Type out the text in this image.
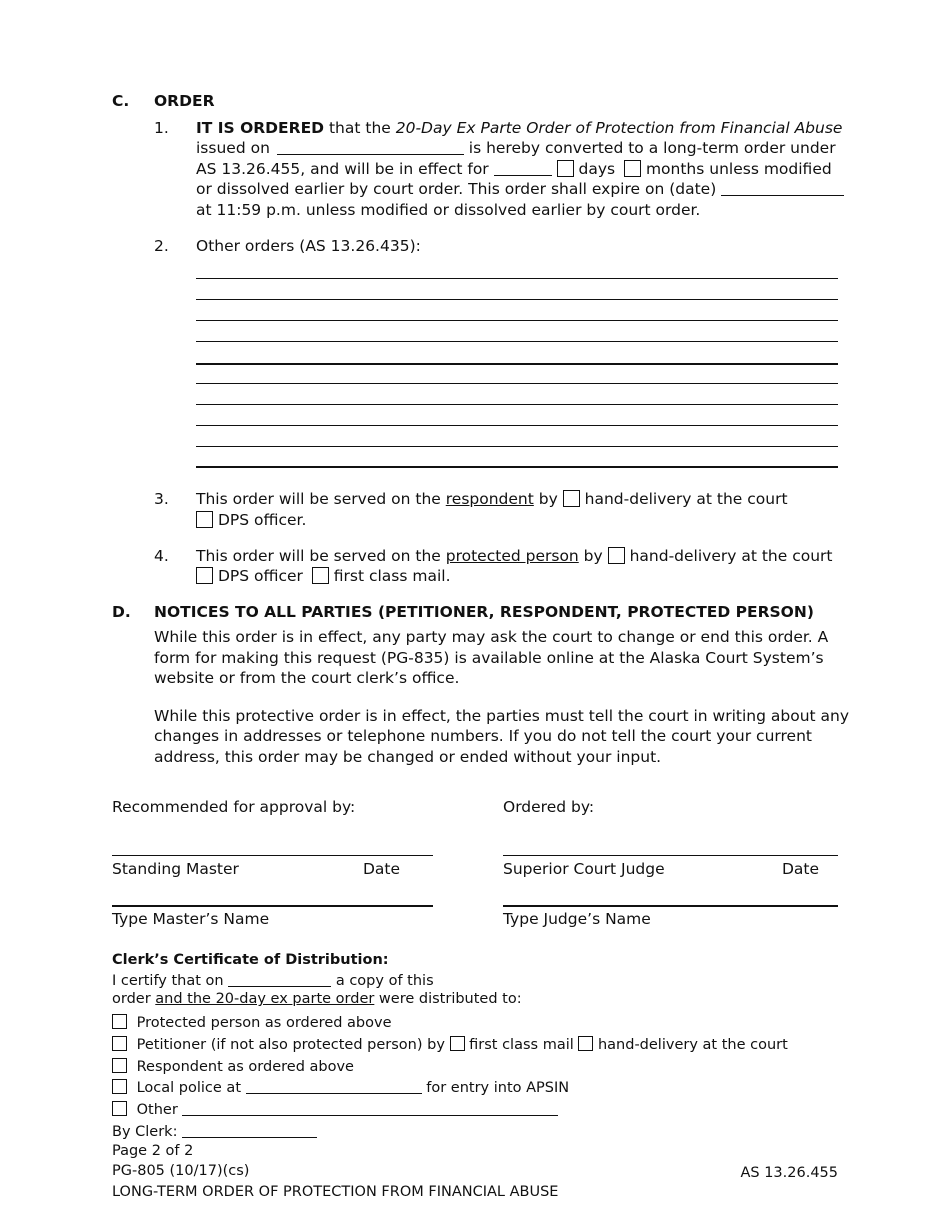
C. ORDER
1. IT IS ORDERED that the 20-Day Ex Parte Order of Protection from Financial Abuse
issued on	is hereby converted to a long-term order under
AS 13.26.455, and will be in effect for	days months unless modified
or dissolved earlier by court order. This order shall expire on (date)
at 11:59 p.m. unless modified or dissolved earlier by court order.
2. Other orders (AS 13.26.435):
3. This order will be served on the respondent by hand-delivery at the court
DPS officer.
4. This order will be served on the protected person by hand-delivery at the court
DPS officer first class mail.
D. NOTICES TO ALL PARTIES (PETITIONER, RESPONDENT, PROTECTED PERSON)
While this order is in effect, any party may ask the court to change or end this order. A
form for making this request (PG-835) is available online at the Alaska Court System’s
website or from the court clerk’s office.
While this protective order is in effect, the parties must tell the court in writing about any
changes in addresses or telephone numbers. If you do not tell the court your current
address, this order may be changed or ended without your input.
Recommended for approval by:	Ordered by:
Standing Master	Date	Superior Court Judge	Date
Type Master’s Name	Type Judge’s Name
Clerk’s Certificate of Distribution:
I certify that on	a copy of this
order and the 20-day ex parte order were distributed to:
Protected person as ordered above
Petitioner (if not also protected person) by first class mail hand-delivery at the court
Respondent as ordered above
Local police at	for entry into APSIN
Other
By Clerk:
Page 2 of 2
PG-805 (10/17)(cs)	AS 13.26.455
LONG-TERM ORDER OF PROTECTION FROM FINANCIAL ABUSE
